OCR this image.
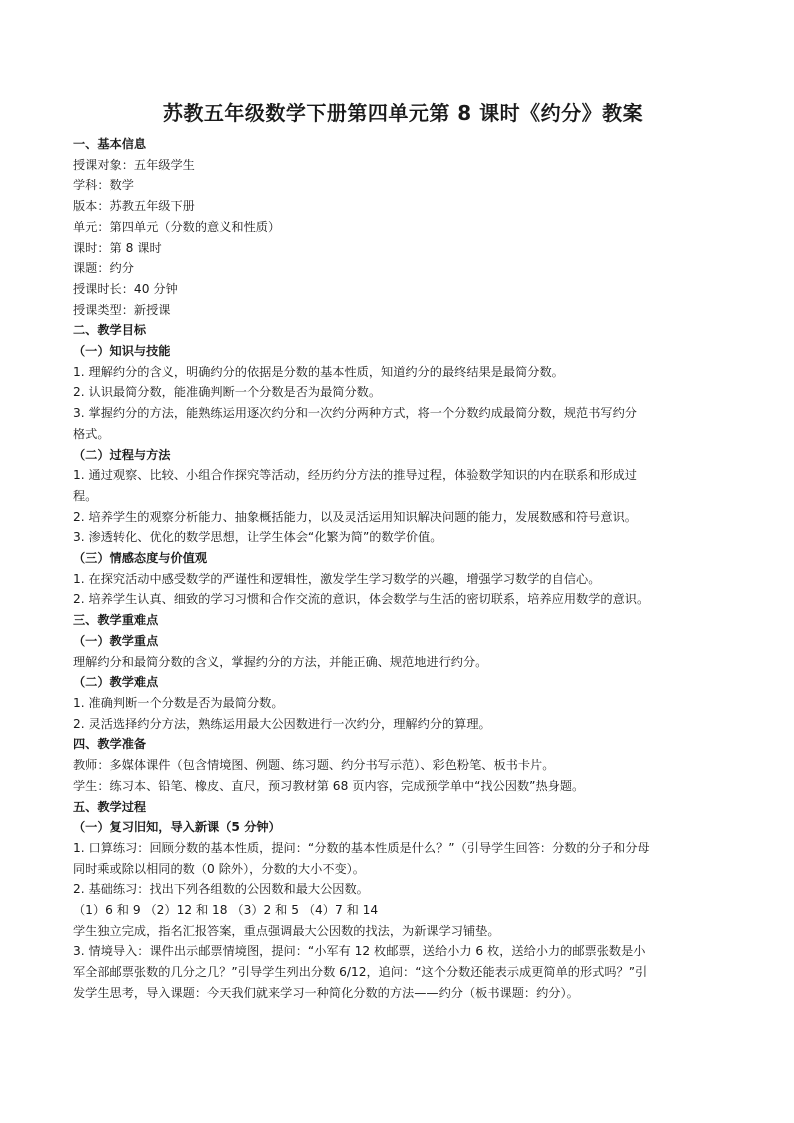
苏教五年级数学下册第四单元第 8 课时《约分》教案
一、基本信息
授课对象：五年级学生
学科：数学
版本：苏教五年级下册
单元：第四单元（分数的意义和性质）
课时：第 8 课时
课题：约分
授课时长：40 分钟
授课类型：新授课
二、教学目标
（一）知识与技能
1. 理解约分的含义，明确约分的依据是分数的基本性质，知道约分的最终结果是最简分数。
2. 认识最简分数，能准确判断一个分数是否为最简分数。
3. 掌握约分的方法，能熟练运用逐次约分和一次约分两种方式，将一个分数约成最简分数，规范书写约分
格式。
（二）过程与方法
1. 通过观察、比较、小组合作探究等活动，经历约分方法的推导过程，体验数学知识的内在联系和形成过
程。
2. 培养学生的观察分析能力、抽象概括能力，以及灵活运用知识解决问题的能力，发展数感和符号意识。
3. 渗透转化、优化的数学思想，让学生体会“化繁为简”的数学价值。
（三）情感态度与价值观
1. 在探究活动中感受数学的严谨性和逻辑性，激发学生学习数学的兴趣，增强学习数学的自信心。
2. 培养学生认真、细致的学习习惯和合作交流的意识，体会数学与生活的密切联系，培养应用数学的意识。
三、教学重难点
（一）教学重点
理解约分和最简分数的含义，掌握约分的方法，并能正确、规范地进行约分。
（二）教学难点
1. 准确判断一个分数是否为最简分数。
2. 灵活选择约分方法，熟练运用最大公因数进行一次约分，理解约分的算理。
四、教学准备
教师：多媒体课件（包含情境图、例题、练习题、约分书写示范）、彩色粉笔、板书卡片。
学生：练习本、铅笔、橡皮、直尺，预习教材第 68 页内容，完成预学单中“找公因数”热身题。
五、教学过程
（一）复习旧知，导入新课（5 分钟）
1. 口算练习：回顾分数的基本性质，提问：“分数的基本性质是什么？”（引导学生回答：分数的分子和分母
同时乘或除以相同的数（0 除外），分数的大小不变）。
2. 基础练习：找出下列各组数的公因数和最大公因数。
（1）6 和 9 （2）12 和 18 （3）2 和 5 （4）7 和 14
学生独立完成，指名汇报答案，重点强调最大公因数的找法，为新课学习铺垫。
3. 情境导入：课件出示邮票情境图，提问：“小军有 12 枚邮票，送给小力 6 枚，送给小力的邮票张数是小
军全部邮票张数的几分之几？”引导学生列出分数 6/12，追问：“这个分数还能表示成更简单的形式吗？”引
发学生思考，导入课题：今天我们就来学习一种简化分数的方法——约分（板书课题：约分）。
